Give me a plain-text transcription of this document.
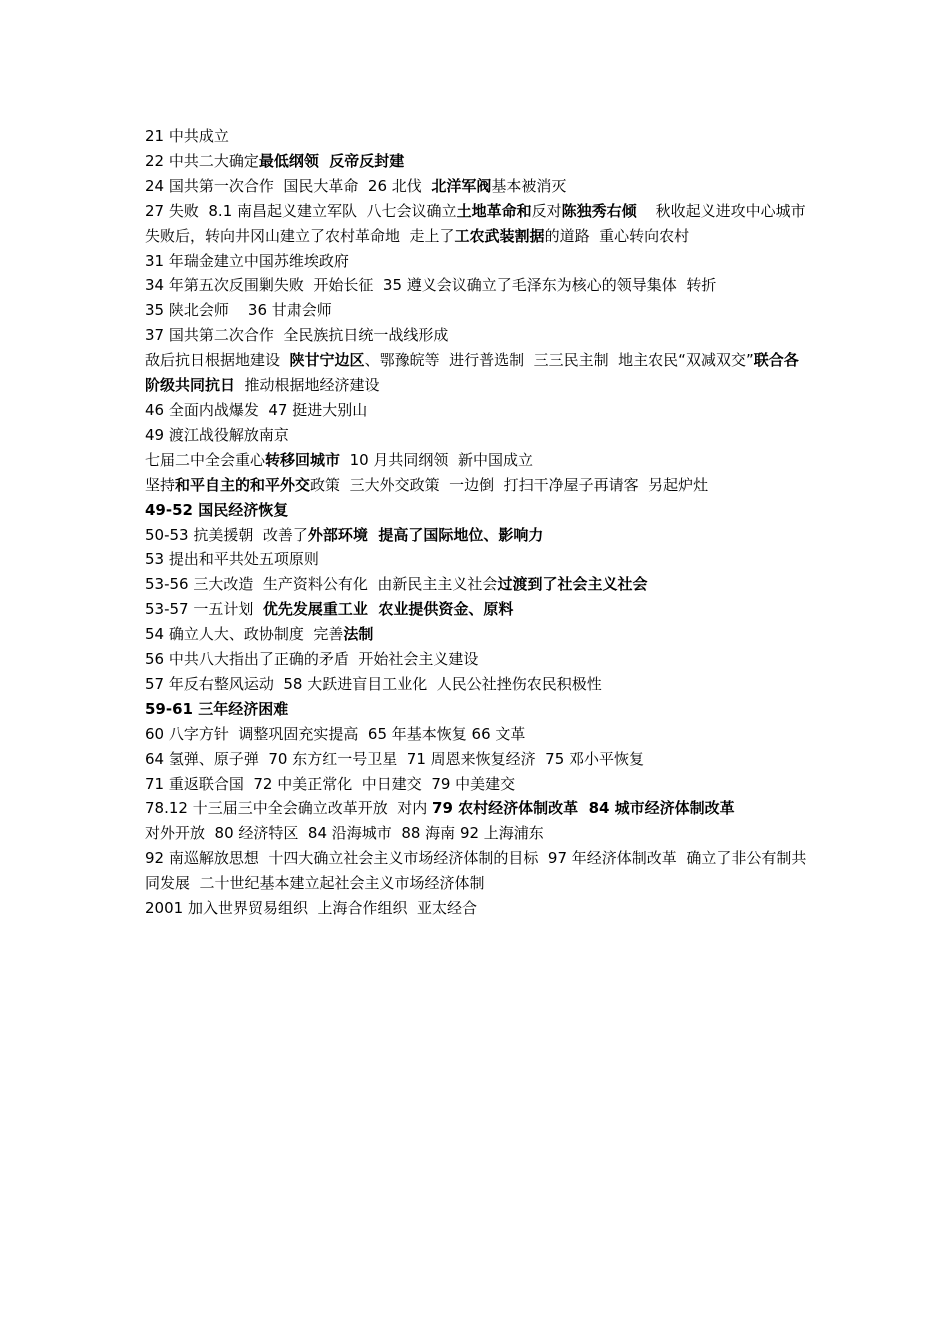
21 中共成立
22 中共二大确定最低纲领  反帝反封建
24 国共第一次合作  国民大革命  26 北伐  北洋军阀基本被消灭
27 失败  8.1 南昌起义建立军队  八七会议确立土地革命和反对陈独秀右倾    秋收起义进攻中心城市失败后，转向井冈山建立了农村革命地  走上了工农武装割据的道路  重心转向农村
31 年瑞金建立中国苏维埃政府
34 年第五次反围剿失败  开始长征  35 遵义会议确立了毛泽东为核心的领导集体  转折
35 陕北会师    36 甘肃会师
37 国共第二次合作  全民族抗日统一战线形成
敌后抗日根据地建设  陕甘宁边区、鄂豫皖等  进行普选制  三三民主制  地主农民“双减双交”联合各阶级共同抗日  推动根据地经济建设
46 全面内战爆发  47 挺进大别山
49 渡江战役解放南京
七届二中全会重心转移回城市  10 月共同纲领  新中国成立
坚持和平自主的和平外交政策  三大外交政策  一边倒  打扫干净屋子再请客  另起炉灶
49-52 国民经济恢复
50-53 抗美援朝  改善了外部环境  提高了国际地位、影响力
53 提出和平共处五项原则
53-56 三大改造  生产资料公有化  由新民主主义社会过渡到了社会主义社会
53-57 一五计划  优先发展重工业  农业提供资金、原料
54 确立人大、政协制度  完善法制
56 中共八大指出了正确的矛盾  开始社会主义建设
57 年反右整风运动  58 大跃进盲目工业化  人民公社挫伤农民积极性
59-61 三年经济困难
60 八字方针  调整巩固充实提高  65 年基本恢复 66 文革
64 氢弹、原子弹  70 东方红一号卫星  71 周恩来恢复经济  75 邓小平恢复
71 重返联合国  72 中美正常化  中日建交  79 中美建交
78.12 十三届三中全会确立改革开放  对内 79 农村经济体制改革  84 城市经济体制改革
对外开放  80 经济特区  84 沿海城市  88 海南 92 上海浦东
92 南巡解放思想  十四大确立社会主义市场经济体制的目标  97 年经济体制改革  确立了非公有制共同发展  二十世纪基本建立起社会主义市场经济体制
2001 加入世界贸易组织  上海合作组织  亚太经合
